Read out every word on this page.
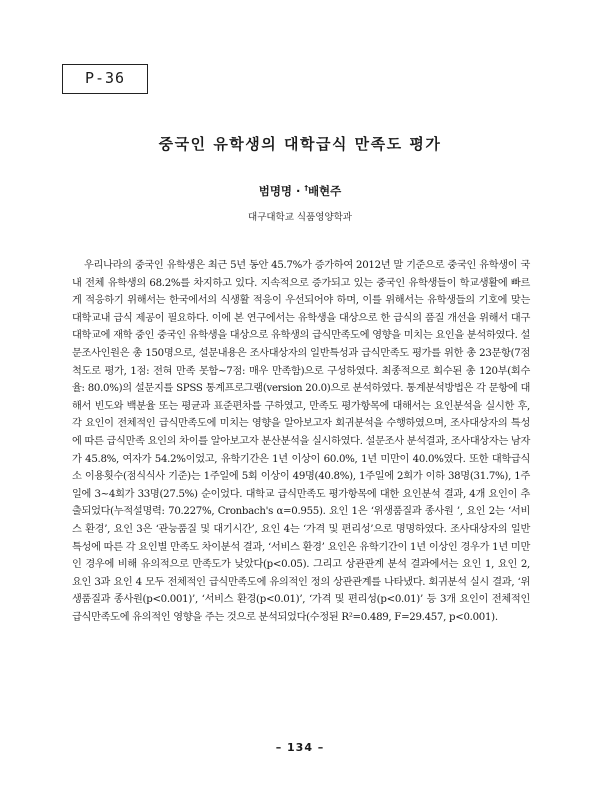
P-36
중국인 유학생의 대학급식 만족도 평가
범명명 · †배현주
대구대학교 식품영양학과

우리나라의 중국인 유학생은 최근 5년 동안 45.7%가 증가하여 2012년 말 기준으로 중국인 유학생이 국내 전체 유학생의 68.2%를 차지하고 있다. 지속적으로 증가되고 있는 중국인 유학생들이 학교생활에 빠르게 적응하기 위해서는 한국에서의 식생활 적응이 우선되어야 하며, 이를 위해서는 유학생들의 기호에 맞는 대학교내 급식 제공이 필요하다. 이에 본 연구에서는 유학생을 대상으로 한 급식의 품질 개선을 위해서 대구대학교에 재학 중인 중국인 유학생을 대상으로 유학생의 급식만족도에 영향을 미치는 요인을 분석하였다. 설문조사인원은 총 150명으로, 설문내용은 조사대상자의 일반특성과 급식만족도 평가를 위한 총 23문항(7점 척도로 평가, 1점: 전혀 만족 못함~7점: 매우 만족함)으로 구성하였다. 최종적으로 회수된 총 120부(회수율: 80.0%)의 설문지를 SPSS 통계프로그램(version 20.0)으로 분석하였다. 통계분석방법은 각 문항에 대해서 빈도와 백분율 또는 평균과 표준편차를 구하였고, 만족도 평가항목에 대해서는 요인분석을 실시한 후, 각 요인이 전체적인 급식만족도에 미치는 영향을 알아보고자 회귀분석을 수행하였으며, 조사대상자의 특성에 따른 급식만족 요인의 차이를 알아보고자 분산분석을 실시하였다. 설문조사 분석결과, 조사대상자는 남자가 45.8%, 여자가 54.2%이었고, 유학기간은 1년 이상이 60.0%, 1년 미만이 40.0%였다. 또한 대학급식소 이용횟수(점식식사 기준)는 1주일에 5회 이상이 49명(40.8%), 1주일에 2회가 이하 38명(31.7%), 1주일에 3~4회가 33명(27.5%) 순이었다. 대학교 급식만족도 평가항목에 대한 요인분석 결과, 4개 요인이 추출되었다(누적설명력: 70.227%, Cronbach's α=0.955). 요인 1은 ‘위생품질과 종사원 ’, 요인 2는 ‘서비스 환경’, 요인 3은 ‘관능품질 및 대기시간’, 요인 4는 ‘가격 및 편리성’으로 명명하였다. 조사대상자의 일반특성에 따른 각 요인별 만족도 차이분석 결과, ‘서비스 환경’ 요인은 유학기간이 1년 이상인 경우가 1년 미만인 경우에 비해 유의적으로 만족도가 낮았다(p<0.05). 그리고 상관관계 분석 결과에서는 요인 1, 요인 2, 요인 3과 요인 4 모두 전체적인 급식만족도에 유의적인 정의 상관관계를 나타냈다. 회귀분석 실시 결과, ‘위생품질과 종사원(p<0.001)’, ‘서비스 환경(p<0.01)’, ‘가격 및 편리성(p<0.01)’ 등 3개 요인이 전체적인 급식만족도에 유의적인 영향을 주는 것으로 분석되었다(수정된 R²=0.489, F=29.457, p<0.001).

– 134 –
